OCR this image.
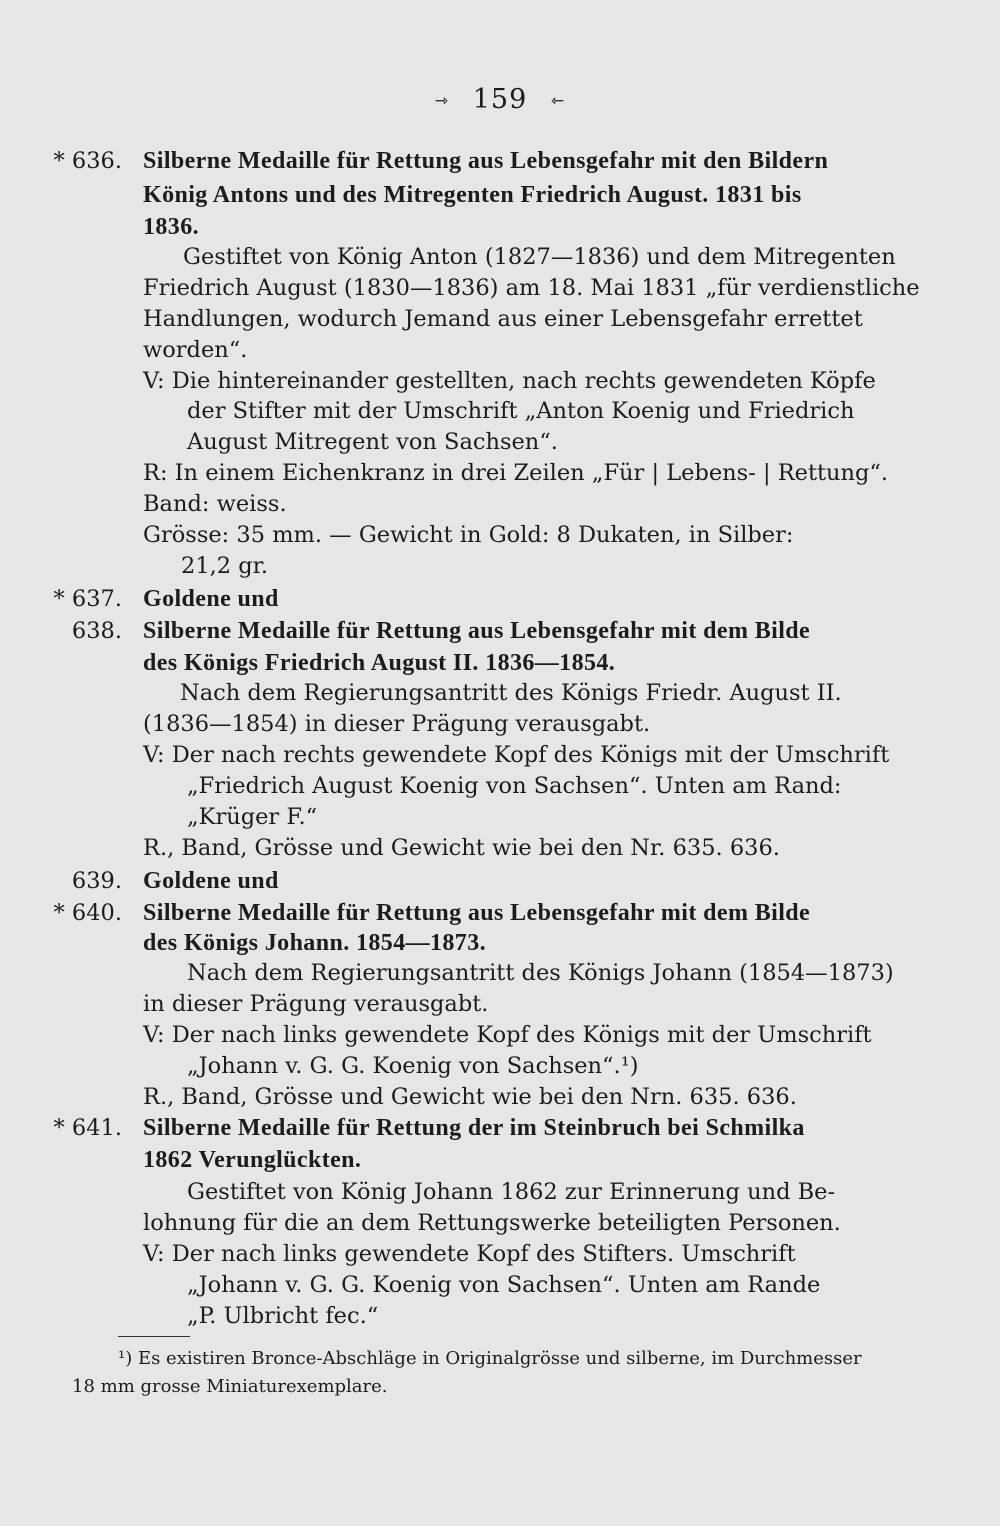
⇾ 159 ⇽
* 636. Silberne Medaille für Rettung aus Lebensgefahr mit den Bildern
König Antons und des Mitregenten Friedrich August. 1831 bis
1836.
Gestiftet von König Anton (1827—1836) und dem Mitregenten
Friedrich August (1830—1836) am 18. Mai 1831 „für verdienstliche
Handlungen, wodurch Jemand aus einer Lebensgefahr errettet
worden“.
V: Die hintereinander gestellten, nach rechts gewendeten Köpfe
der Stifter mit der Umschrift „Anton Koenig und Friedrich
August Mitregent von Sachsen“.
R: In einem Eichenkranz in drei Zeilen „Für | Lebens- | Rettung“.
Band: weiss.
Grösse: 35 mm. — Gewicht in Gold: 8 Dukaten, in Silber:
21,2 gr.
* 637. Goldene und
638. Silberne Medaille für Rettung aus Lebensgefahr mit dem Bilde
des Königs Friedrich August II. 1836—1854.
Nach dem Regierungsantritt des Königs Friedr. August II.
(1836—1854) in dieser Prägung verausgabt.
V: Der nach rechts gewendete Kopf des Königs mit der Umschrift
„Friedrich August Koenig von Sachsen“. Unten am Rand:
„Krüger F.“
R., Band, Grösse und Gewicht wie bei den Nr. 635. 636.
639. Goldene und
* 640. Silberne Medaille für Rettung aus Lebensgefahr mit dem Bilde
des Königs Johann. 1854—1873.
Nach dem Regierungsantritt des Königs Johann (1854—1873)
in dieser Prägung verausgabt.
V: Der nach links gewendete Kopf des Königs mit der Umschrift
„Johann v. G. G. Koenig von Sachsen“.¹)
R., Band, Grösse und Gewicht wie bei den Nrn. 635. 636.
* 641. Silberne Medaille für Rettung der im Steinbruch bei Schmilka
1862 Verunglückten.
Gestiftet von König Johann 1862 zur Erinnerung und Be-
lohnung für die an dem Rettungswerke beteiligten Personen.
V: Der nach links gewendete Kopf des Stifters. Umschrift
„Johann v. G. G. Koenig von Sachsen“. Unten am Rande
„P. Ulbricht fec.“
¹) Es existiren Bronce-Abschläge in Originalgrösse und silberne, im Durchmesser
18 mm grosse Miniaturexemplare.
